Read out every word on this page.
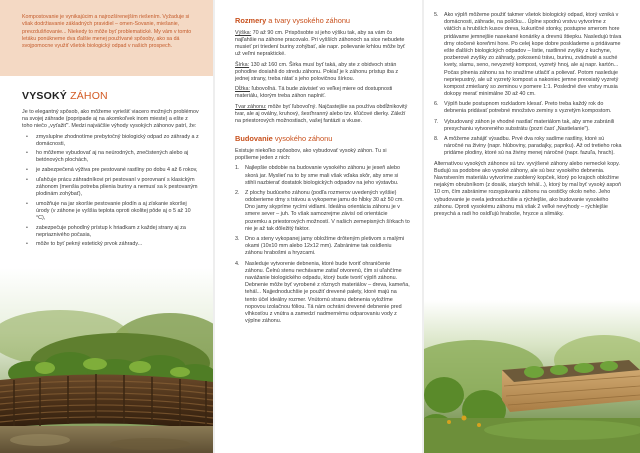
Kompostovanie je vynikajúcim a najrozšírenejším riešením. Vyžaduje si však dodržiavanie základných pravidiel – omen-Sovanie, miešanie, prevzdušňovanie... Niekedy to môže byť problematické. My vám v tomto letáku ponúkneme dva ďalšie menej používané spôsoby, ako sa dá svojpomocne využiť všetok biologický odpad v našich prospech.

VYSOKÝ ZÁHON

Je to elegantný spôsob, ako môžeme vyriešiť viacero možných problémov na svojej záhrade (popripade aj na akomkoľvek inom mieste) a ešte z toho niečo „vyťažiť". Medzi najväčšie výhody vysokých záhonov patrí, že:

• zmysluplne zhodnotíme prebytočný biologický odpad zo záhrady a z domácnosti,
• ho môžeme vybudovať aj na neúrodných, znečistených alebo aj betónových plochách,
• je zabezpečená výživa pre pestované rastliny po dobu 4 až 6 rokov,
• uľahčuje prácu záhradníkovi pri pestovaní v porovnaní s klasickým záhonom (menšia potreba plienia buriny a nemusí sa k pestovaným plodinám zohýbať),
• umožňuje na jar skoršie pestovanie plodín a aj získanie skoršej úrody (v záhone je vyššia teplota oproti okolitej pôde aj o 5 až 10 °C),
• zabezpečuje pohodlný prístup k hriadkam z každej strany aj za nepriaznivého počasia,
• môže to byť pekný estetický prvok záhrady...
Rozmery a tvary vysokého záhonu

Výška: 70 až 90 cm. Prispôsobte si jeho výšku tak, aby sa vám čo najľahšie na záhone pracovalo. Pri vyšších záhonoch sa sice nebudete musieť pri triedení buriny zohýbať, ale napr. polievanie krhlou môže byť už veľmi nepraktické.

Šírka: 130 až 160 cm. Širka musí byť taká, aby ste z obidvoch strán pohodlne dosiahli do stredu záhonu. Pokiaľ je k záhonu prístup iba z jednej strany, treba rátať s jeho polovičnou šírkou.

Dĺžka: ľubovoľná. Tá bude závisieť vo veľkej miere od dostupnosti materiálu, ktorým treba záhon naplniť.

Tvar záhonu: môže byť ľubovoľný. Najčastejšie sa používa obdĺžnikovitý tvar, ale aj oválny, kruhový, šesťhranný alebo tzv. kľúčové dierky. Záleží na priestorových možnostiach, vašej fantázii a vkuse.

Budovanie vysokého záhonu

Existuje niekoľko spôsobov, ako vybudovať vysoký záhon. Tu si popíšeme jeden z nich:

1. Najlepšie obdobie na budovanie vysokého záhonu je jeseň alebo skorá jar. Myslieť na to by sme mali však vďaka skôr, aby sme si stihli nazbierať dostatok biologických odpadov na jeho výstavbu.
2. Z plochy budúceho záhonu (podľa rozmerov uvedených vyššie) odoberieme drny s trávou a vykopeme jamu do hĺbky 30 až 50 cm. Dno jamy skypríme rycími vidlami. Ideálna orientácia záhonu je v smere sever – juh. To však samozrejme závisí od orientácie pozemku a priestorových možností. V našich zemepisných šírkach to nie je až tak dôležitý faktor.
3. Dno a steny vykopanej jamy obložíme drôteným pletivom s malými okami (10x10 mm alebo 12x12 mm). Zabránime tak osídleniu záhonu hrabošmi a hryzcami.
4. Nasleduje vytvorenie debnenia, ktoré bude tvoriť ohraničenie záhonu. Čelnú stenu nechávame zatiaľ otvorenú, čím si uľahčíme navážanie biologického odpadu, ktorý bude tvoriť výplň záhonu. Debnenie môže byť vyrobené z rôznych materiálov – dreva, kameňa, tehál... Najjednoduchšie je použiť drevené palety, ktoré majú na tento účel ideálny rozmer. Vnútornú stranu debnenia vyložíme nopovou izolačnou fóliou. Tá nám ochráni drevené debnenie pred vlhkosťou z vnútra a zamedzí nadmernému odparovaniu vody z výplne záhonu.
5. Ako výplň môžeme použiť takmer všetok biologický odpad, ktorý vzniká v domácnosti, záhrade, na políčku... Úplne spodnú vrstvu vytvoríme z vätčích a hrubších kusov dreva, kukuričné stonky, postupne smerom hore pridávame jemnejšie nasekané konáriky a drevnú štiepku. Nasledujú tráva drny otočené koreňmi hore. Po celej kope dobre posklademe a pridávame ešte ďalších biologických odpadov – listie, rastlinné zvyšky z kuchyne, pozberové zvyšky zo záhrady, pokosenú trávu, burinu, zvädnuté a suché kvety, slamu, seno, nevyzretý kompost, vyzretý hnoj, ale aj napr. kartón... Počas plnenia záhonu sa ho snažíme utlačiť a polievať. Potom nasleduje nepriepustný, ale už vyzretý kompost a nakoniec jemne preosiatý vyzretý kompost zmiešaný so zeminou v pomere 1:1. Posledné dve vrstvy musia dokopy merať minimálne 30 až 40 cm.
6. Výplň bude postupnom rozkladom klesať. Preto treba každý rok do debnenia pridávať potrebné množstvo zeminy s vyzretým kompostom.
7. Vybudovaný záhon je vhodné nastlať materiálom tak, aby sme zabránili presychaniu vytvoreného substrátu (pozri časť „Nastielanie").
8. A môžeme zahájiť výsadbu. Prvé dva roky sadíme rastliny, ktoré sú náročné na živiny (napr. hlúboviny, paradajky, papriku). Až od tretieho roka pridáme plodiny, ktoré sú na živiny menej náročné (napr. fazuľa, hrach).

Alternatívou vysokých záhonov sú tzv. vyvýšené záhony alebo nemecké kopy. Budujú sa podobne ako vysoké záhony, ale sú bez vysokého debnenia. Navrstvením materiálu vytvoríme zaoblený kopček, ktorý po krajoch obložíme nejakým obrubníkom (z dosák, starých tehál...), ktorý by mal byť vysoký aspoň 10 cm, čím zabránime rozsypávaniu záhonu na cestičky okolo neho. Jeho vybudovanie je ovela jednoduchšie a rýchlejšie, ako budovanie vysokého záhonu. Oproti vysokému záhonu má však 2 veľké nevýhody – rýchlejšie presychá a radi ho osídľujú hraboše, hryzce a slimáky.
